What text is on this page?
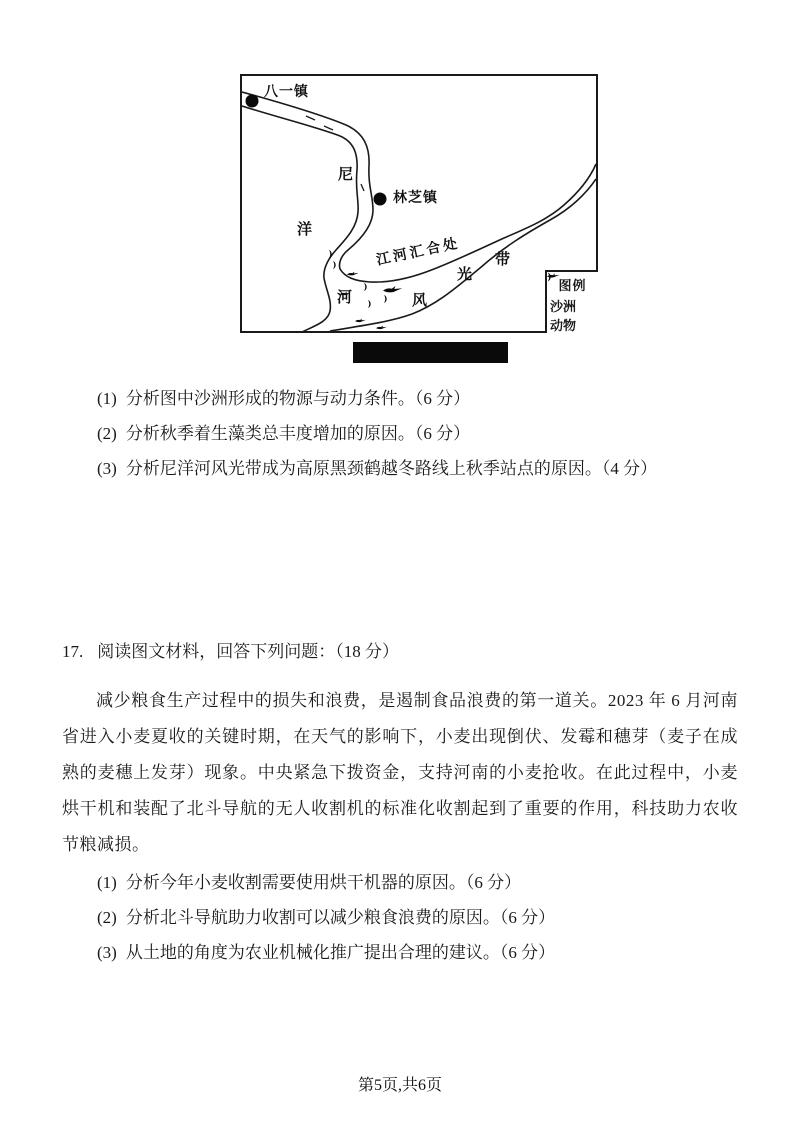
八一镇
林芝镇
尼
洋
河
江河汇合处
风
光
带
图例
沙洲
动物
(1) 分析图中沙洲形成的物源与动力条件。（6 分）
(2) 分析秋季着生藻类总丰度增加的原因。（6 分）
(3) 分析尼洋河风光带成为高原黑颈鹤越冬路线上秋季站点的原因。（4 分）
17. 阅读图文材料，回答下列问题：（18 分）
减少粮食生产过程中的损失和浪费，是遏制食品浪费的第一道关。2023 年 6 月河南省进入小麦夏收的关键时期，在天气的影响下，小麦出现倒伏、发霉和穗芽（麦子在成熟的麦穗上发芽）现象。中央紧急下拨资金，支持河南的小麦抢收。在此过程中，小麦烘干机和装配了北斗导航的无人收割机的标准化收割起到了重要的作用，科技助力农收节粮减损。
(1) 分析今年小麦收割需要使用烘干机器的原因。（6 分）
(2) 分析北斗导航助力收割可以减少粮食浪费的原因。（6 分）
(3) 从土地的角度为农业机械化推广提出合理的建议。（6 分）
第5页,共6页
